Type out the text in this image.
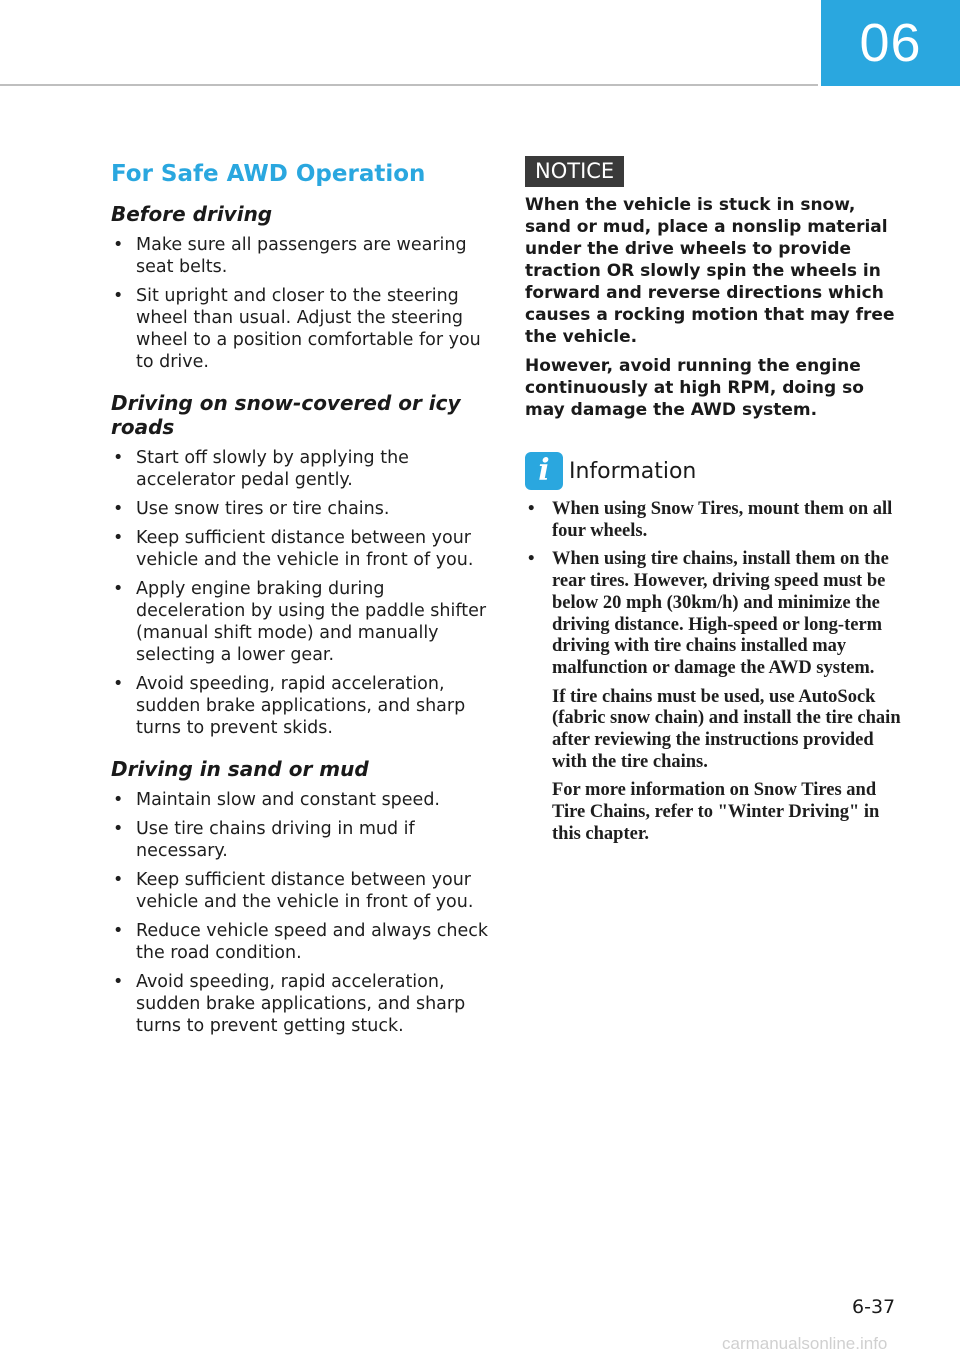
06
For Safe AWD Operation
Before driving
• Make sure all passengers are wearing seat belts.
• Sit upright and closer to the steering wheel than usual. Adjust the steering wheel to a position comfortable for you to drive.
Driving on snow-covered or icy roads
• Start off slowly by applying the accelerator pedal gently.
• Use snow tires or tire chains.
• Keep sufficient distance between your vehicle and the vehicle in front of you.
• Apply engine braking during deceleration by using the paddle shifter (manual shift mode) and manually selecting a lower gear.
• Avoid speeding, rapid acceleration, sudden brake applications, and sharp turns to prevent skids.
Driving in sand or mud
• Maintain slow and constant speed.
• Use tire chains driving in mud if necessary.
• Keep sufficient distance between your vehicle and the vehicle in front of you.
• Reduce vehicle speed and always check the road condition.
• Avoid speeding, rapid acceleration, sudden brake applications, and sharp turns to prevent getting stuck.
NOTICE

When the vehicle is stuck in snow, sand or mud, place a nonslip material under the drive wheels to provide traction OR slowly spin the wheels in forward and reverse directions which causes a rocking motion that may free the vehicle.

However, avoid running the engine continuously at high RPM, doing so may damage the AWD system.

i Information
• When using Snow Tires, mount them on all four wheels.
• When using tire chains, install them on the rear tires. However, driving speed must be below 20 mph (30km/h) and minimize the driving distance. High-speed or long-term driving with tire chains installed may malfunction or damage the AWD system.

If tire chains must be used, use AutoSock (fabric snow chain) and install the tire chain after reviewing the instructions provided with the tire chains.

For more information on Snow Tires and Tire Chains, refer to "Winter Driving" in this chapter.

6-37
carmanualsonline.info
